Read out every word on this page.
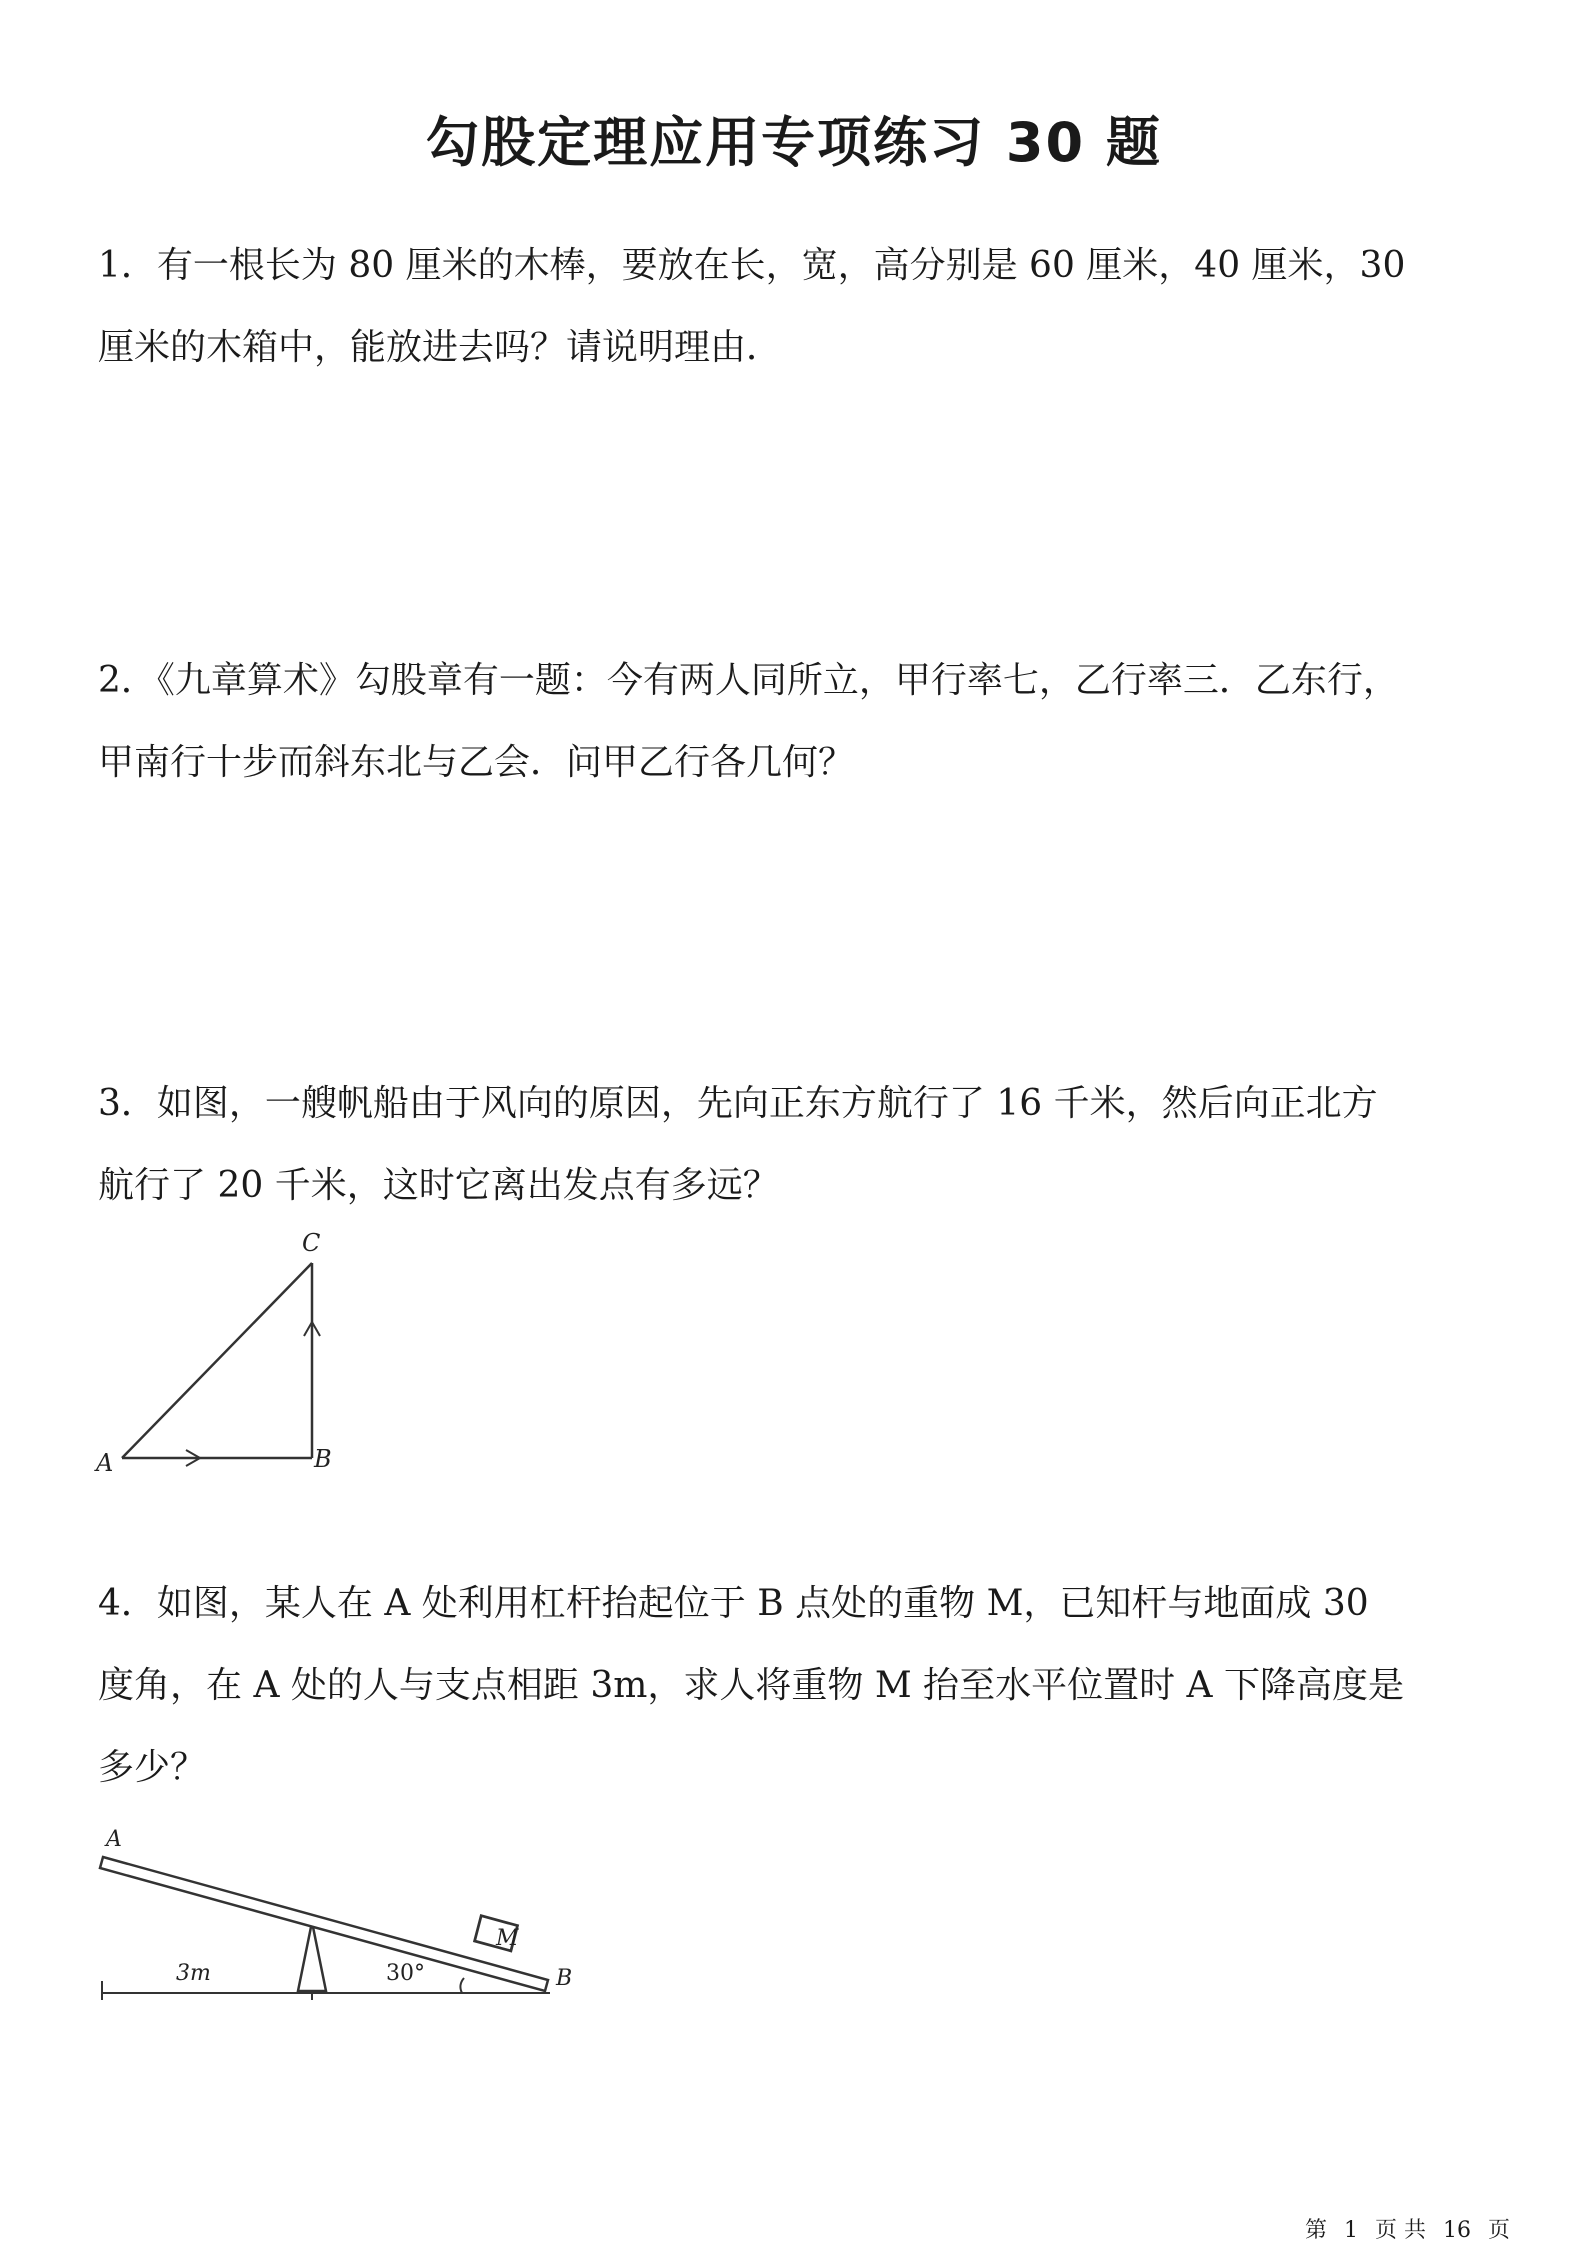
勾股定理应用专项练习 30 题

1．有一根长为 80 厘米的木棒，要放在长，宽，高分别是 60 厘米，40 厘米，30

厘米的木箱中，能放进去吗？请说明理由．

2．《九章算术》勾股章有一题：今有两人同所立，甲行率七，乙行率三．乙东行，

甲南行十步而斜东北与乙会．问甲乙行各几何？

3．如图，一艘帆船由于风向的原因，先向正东方航行了 16 千米，然后向正北方

航行了 20 千米，这时它离出发点有多远？

A	B
C

4．如图，某人在 A 处利用杠杆抬起位于 B 点处的重物 M，已知杆与地面成 30

度角，在 A 处的人与支点相距 3m，求人将重物 M 抬至水平位置时 A 下降高度是

多少？

A
B
M
3m	30°
第 1 页 共 16 页
